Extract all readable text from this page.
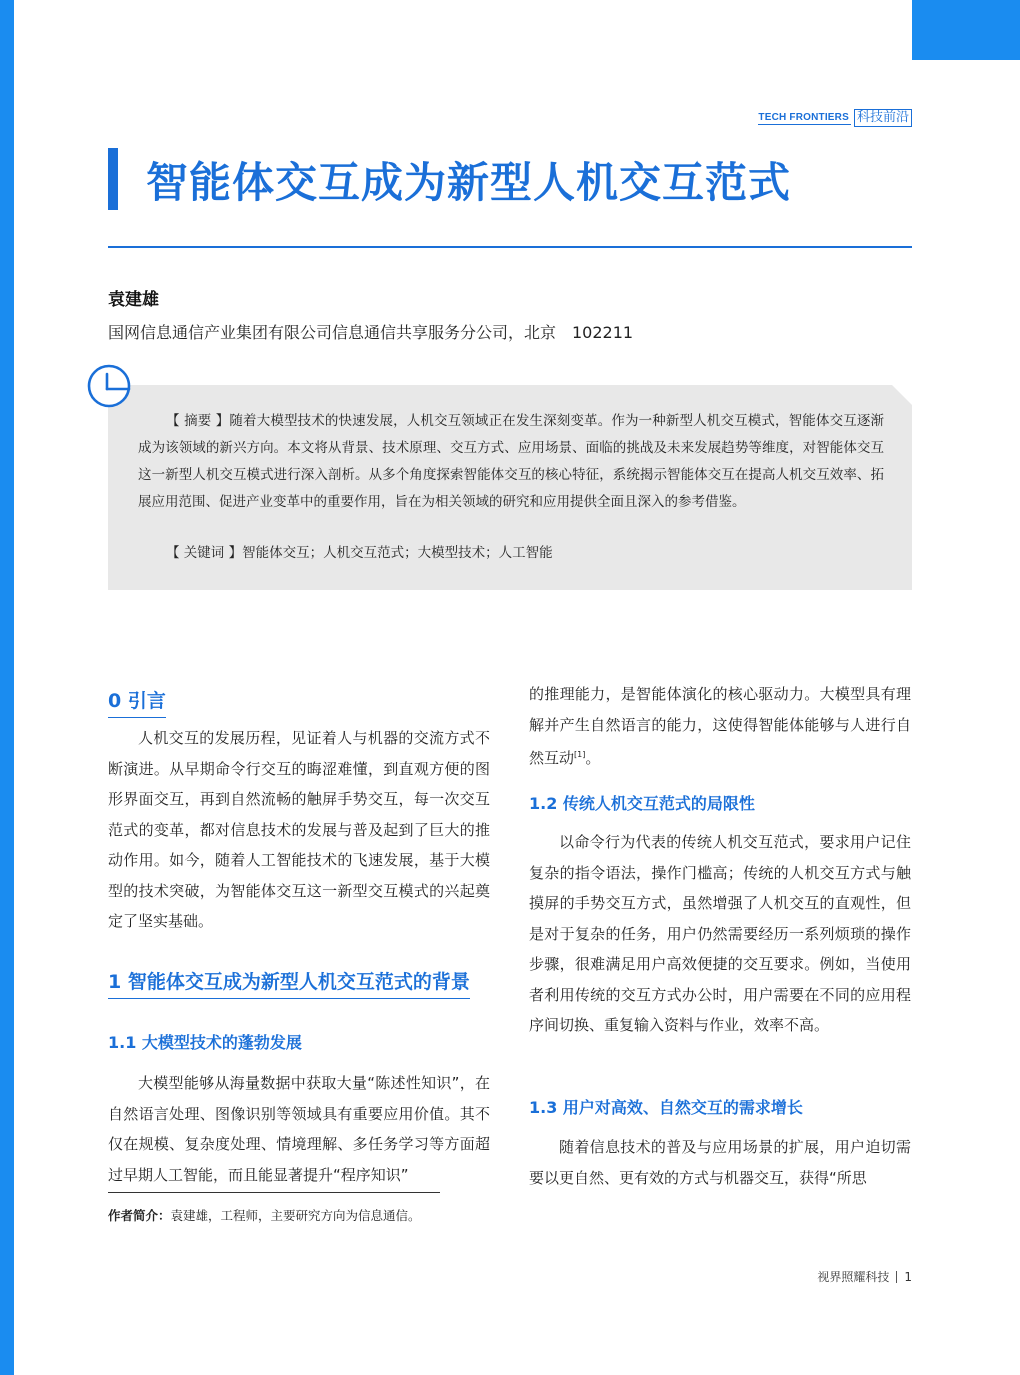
TECH FRONTIERS 科技前沿
智能体交互成为新型人机交互范式
袁建雄
国网信息通信产业集团有限公司信息通信共享服务分公司，北京　102211

【 摘要 】随着大模型技术的快速发展，人机交互领域正在发生深刻变革。作为一种新型人机交互模式，智能体交互逐渐成为该领域的新兴方向。本文将从背景、技术原理、交互方式、应用场景、面临的挑战及未来发展趋势等维度，对智能体交互这一新型人机交互模式进行深入剖析。从多个角度探索智能体交互的核心特征，系统揭示智能体交互在提高人机交互效率、拓展应用范围、促进产业变革中的重要作用，旨在为相关领域的研究和应用提供全面且深入的参考借鉴。

【 关键词 】智能体交互；人机交互范式；大模型技术；人工智能

0 引言

人机交互的发展历程，见证着人与机器的交流方式不断演进。从早期命令行交互的晦涩难懂，到直观方便的图形界面交互，再到自然流畅的触屏手势交互，每一次交互范式的变革，都对信息技术的发展与普及起到了巨大的推动作用。如今，随着人工智能技术的飞速发展，基于大模型的技术突破，为智能体交互这一新型交互模式的兴起奠定了坚实基础。

1 智能体交互成为新型人机交互范式的背景
1.1 大模型技术的蓬勃发展

大模型能够从海量数据中获取大量“陈述性知识”，在自然语言处理、图像识别等领域具有重要应用价值。其不仅在规模、复杂度处理、情境理解、多任务学习等方面超过早期人工智能，而且能显著提升“程序知识”

作者简介：袁建雄，工程师，主要研究方向为信息通信。

的推理能力，是智能体演化的核心驱动力。大模型具有理解并产生自然语言的能力，这使得智能体能够与人进行自然互动[1]。

1.2 传统人机交互范式的局限性

以命令行为代表的传统人机交互范式，要求用户记住复杂的指令语法，操作门槛高；传统的人机交互方式与触摸屏的手势交互方式，虽然增强了人机交互的直观性，但是对于复杂的任务，用户仍然需要经历一系列烦琐的操作步骤，很难满足用户高效便捷的交互要求。例如，当使用者利用传统的交互方式办公时，用户需要在不同的应用程序间切换、重复输入资料与作业，效率不高。

1.3 用户对高效、自然交互的需求增长

随着信息技术的普及与应用场景的扩展，用户迫切需要以更自然、更有效的方式与机器交互，获得“所思

视界照耀科技 1
